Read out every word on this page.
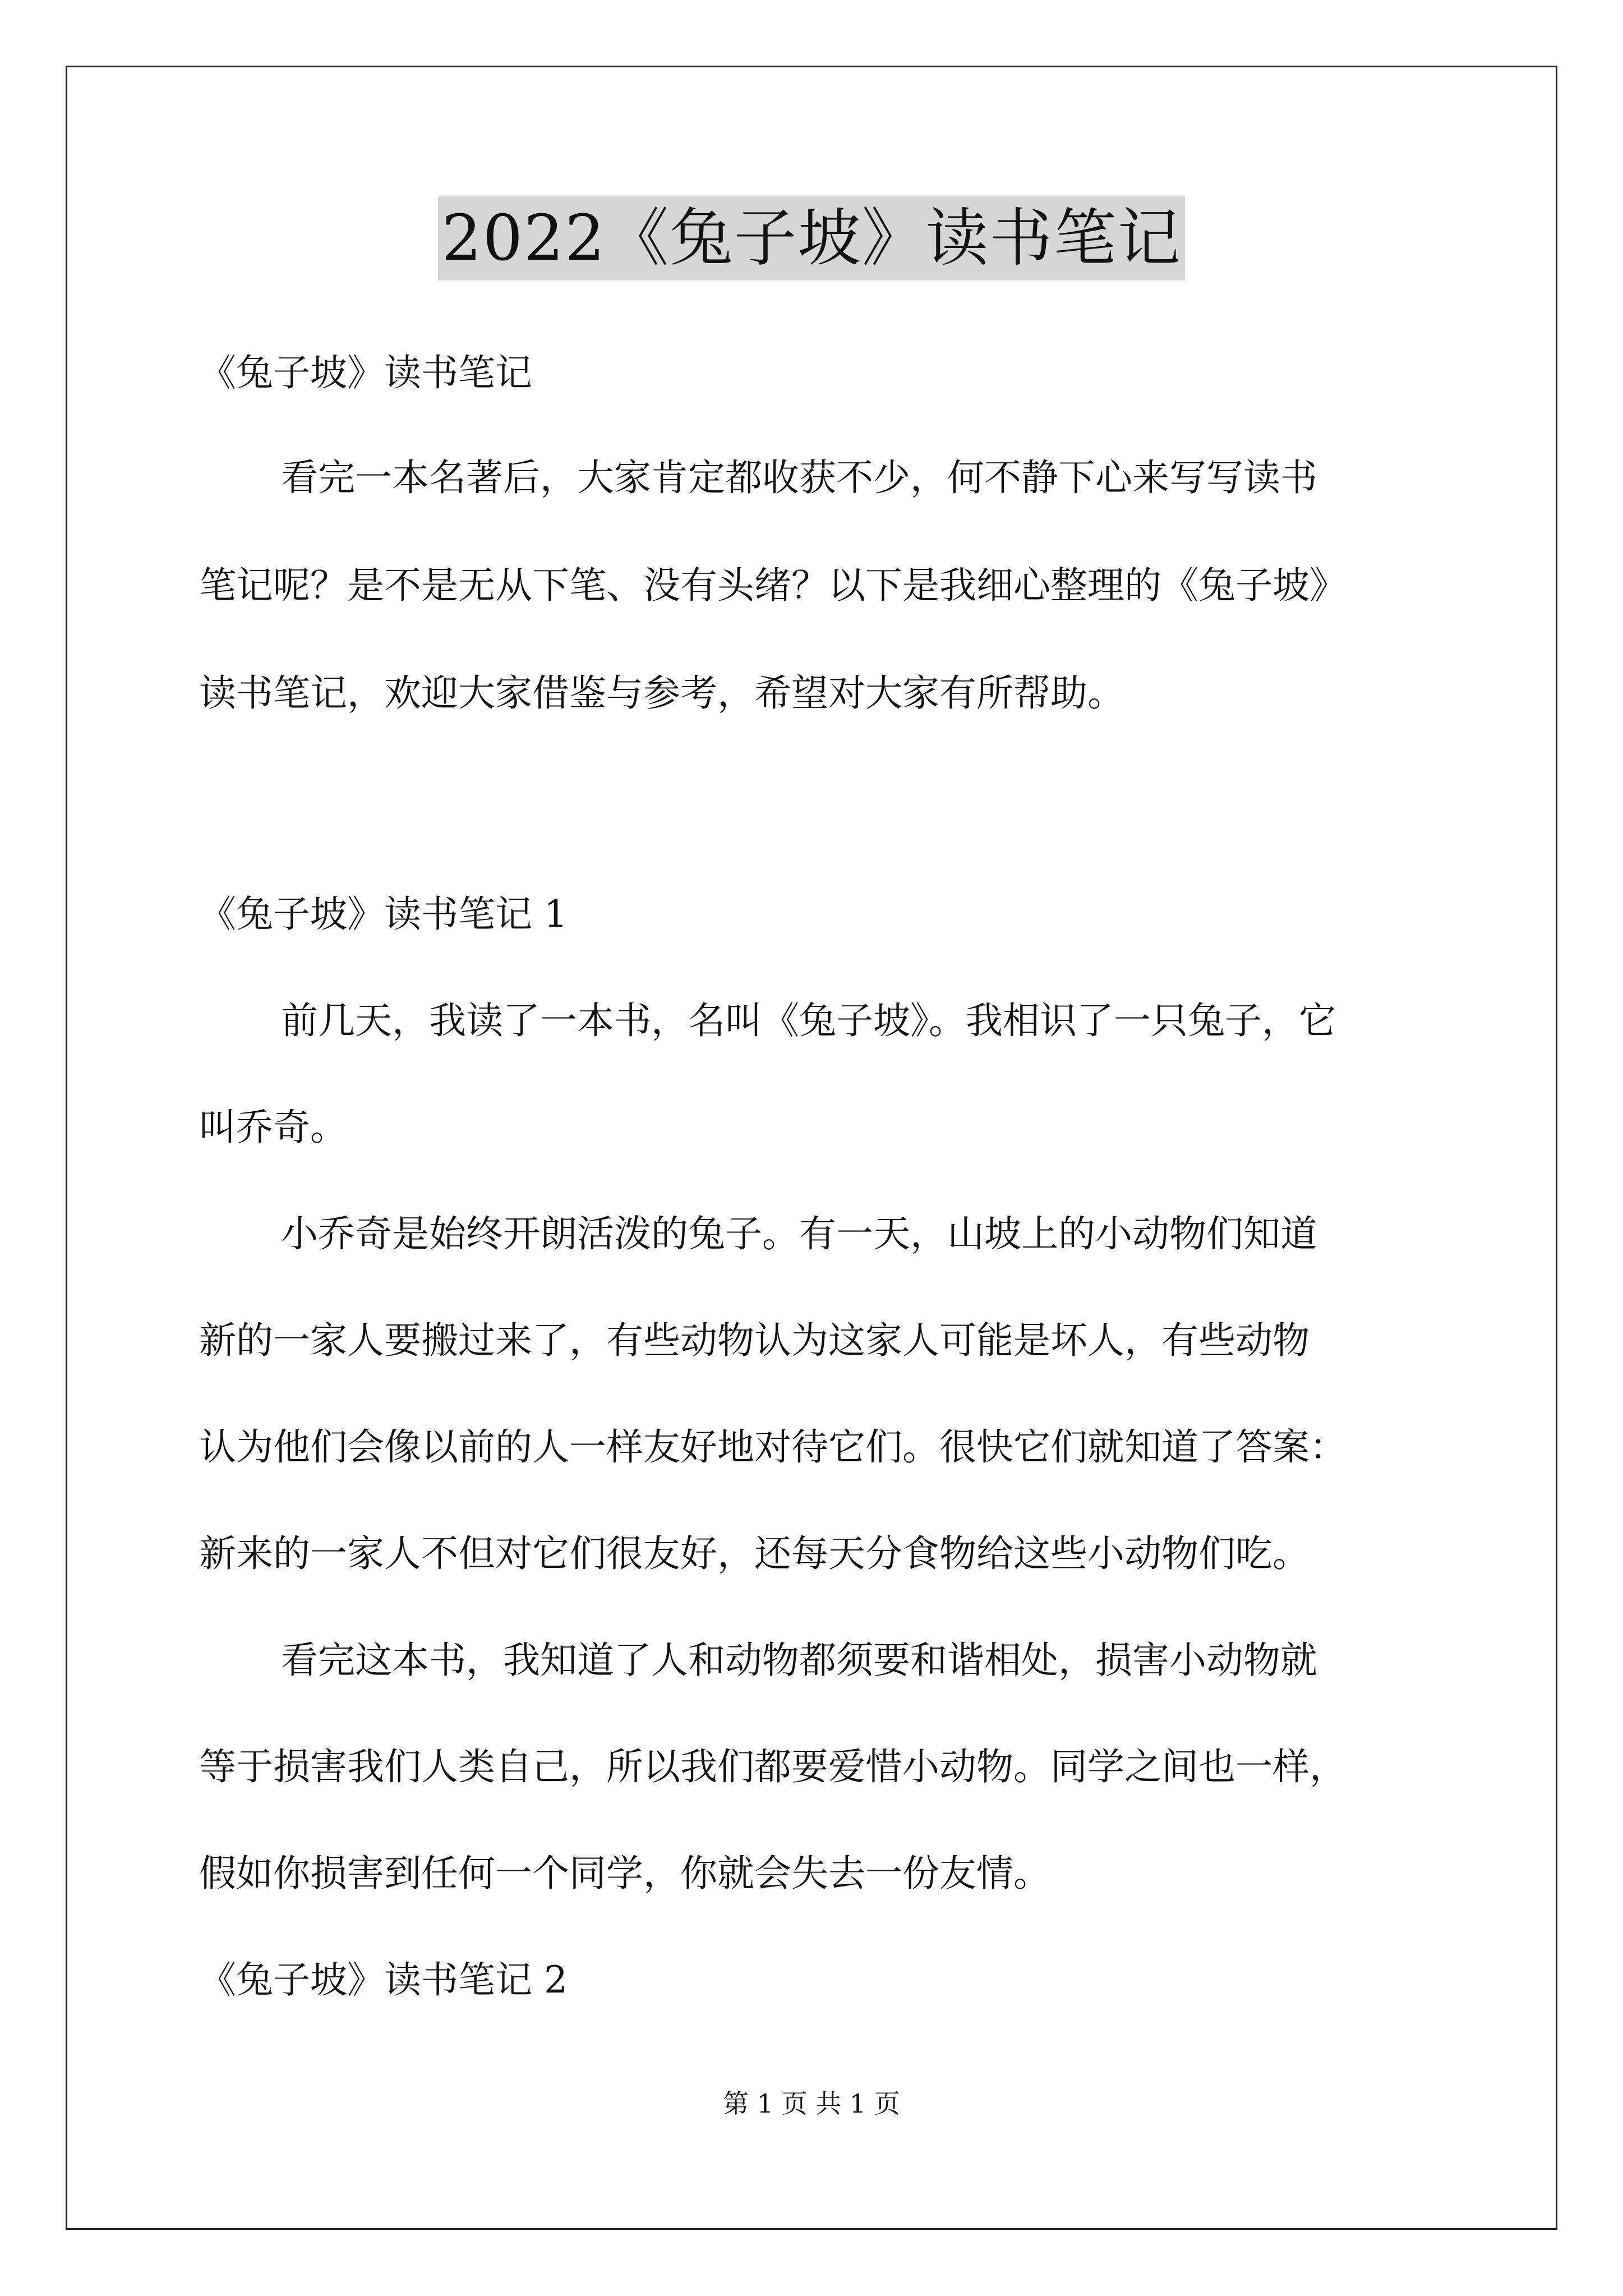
2022《兔子坡》读书笔记
《兔子坡》读书笔记
看完一本名著后，大家肯定都收获不少，何不静下心来写写读书
笔记呢？是不是无从下笔、没有头绪？以下是我细心整理的《兔子坡》
读书笔记，欢迎大家借鉴与参考，希望对大家有所帮助。
《兔子坡》读书笔记 1
前几天，我读了一本书，名叫《兔子坡》。我相识了一只兔子，它
叫乔奇。
小乔奇是始终开朗活泼的兔子。有一天，山坡上的小动物们知道
新的一家人要搬过来了，有些动物认为这家人可能是坏人，有些动物
认为他们会像以前的人一样友好地对待它们。很快它们就知道了答案：
新来的一家人不但对它们很友好，还每天分食物给这些小动物们吃。
看完这本书，我知道了人和动物都须要和谐相处，损害小动物就
等于损害我们人类自己，所以我们都要爱惜小动物。同学之间也一样，
假如你损害到任何一个同学，你就会失去一份友情。
《兔子坡》读书笔记 2
第 1 页 共 1 页
